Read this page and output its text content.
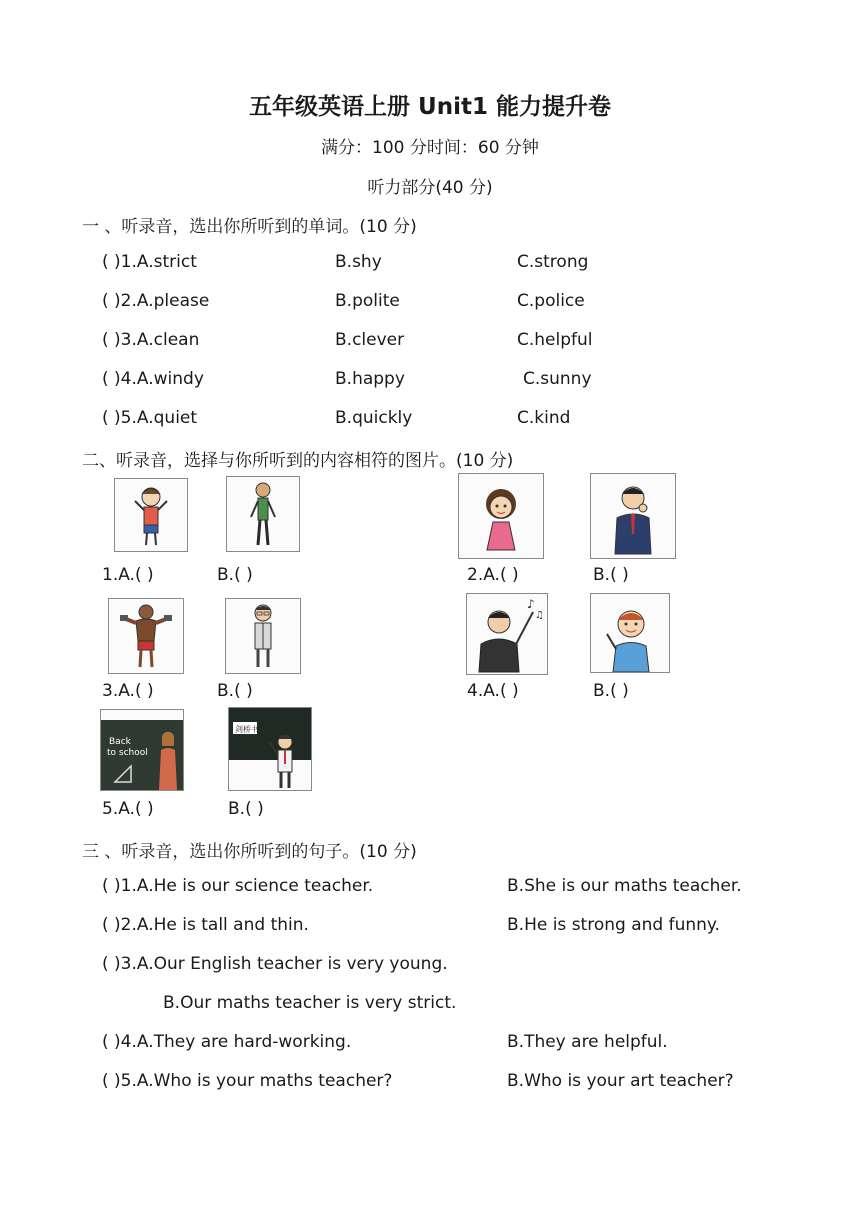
五年级英语上册 Unit1 能力提升卷
满分：100 分时间：60 分钟
听力部分(40 分)
一 、听录音，选出你所听到的单词。(10 分)
( )1.A.strict	B.shy	C.strong
( )2.A.please	B.polite	C.police
( )3.A.clean	B.clever	C.helpful
( )4.A.windy	B.happy	C.sunny
( )5.A.quiet	B.quickly	C.kind
二、听录音，选择与你所听到的内容相符的图片。(10 分)
1.A.( )	B.( )	2.A.( )	B.( )
3.A.( )	B.( )
♪
♫
4.A.( )	B.( )
Back
to school
剑桥书
5.A.( )	B.( )
三 、听录音，选出你所听到的句子。(10 分)
( )1.A.He is our science teacher.	B.She is our maths teacher.
( )2.A.He is tall and thin.	B.He is strong and funny.
( )3.A.Our English teacher is very young.
B.Our maths teacher is very strict.
( )4.A.They are hard-working.	B.They are helpful.
( )5.A.Who is your maths teacher?	B.Who is your art teacher?
